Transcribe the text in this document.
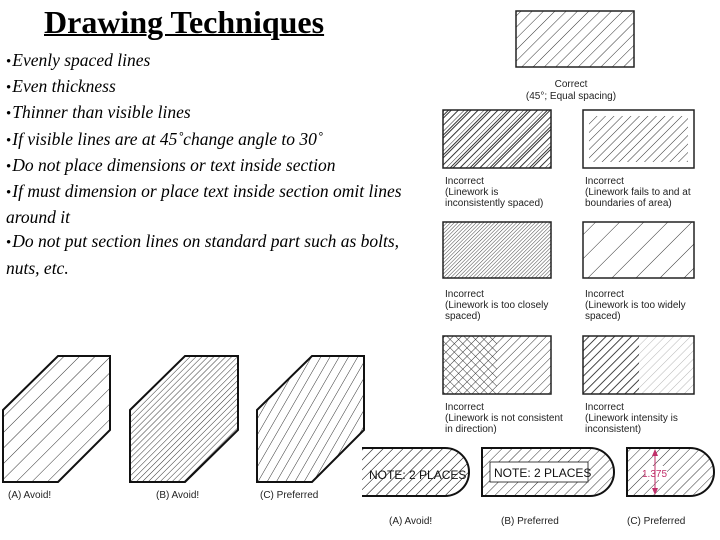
Drawing Techniques
• Evenly spaced lines
• Even thickness
• Thinner than visible lines
• If visible lines are at 45˚change angle to 30˚
• Do not place dimensions or text inside section
• If must dimension or place text inside section omit lines around it
• Do not put section lines on standard part such as bolts, nuts, etc.
Correct
(45°; Equal spacing)
Incorrect
(Linework is
inconsistently spaced)
Incorrect
(Linework fails to and at
boundaries of area)
Incorrect
(Linework is too closely
spaced)
Incorrect
(Linework is too widely
spaced)
Incorrect
(Linework is not consistent
in direction)
Incorrect
(Linework intensity is
inconsistent)
(A) Avoid!	(B) Avoid!	(C) Preferred
NOTE: 2 PLACES
(A) Avoid!
NOTE: 2 PLACES
(B) Preferred
1.375
(C) Preferred
